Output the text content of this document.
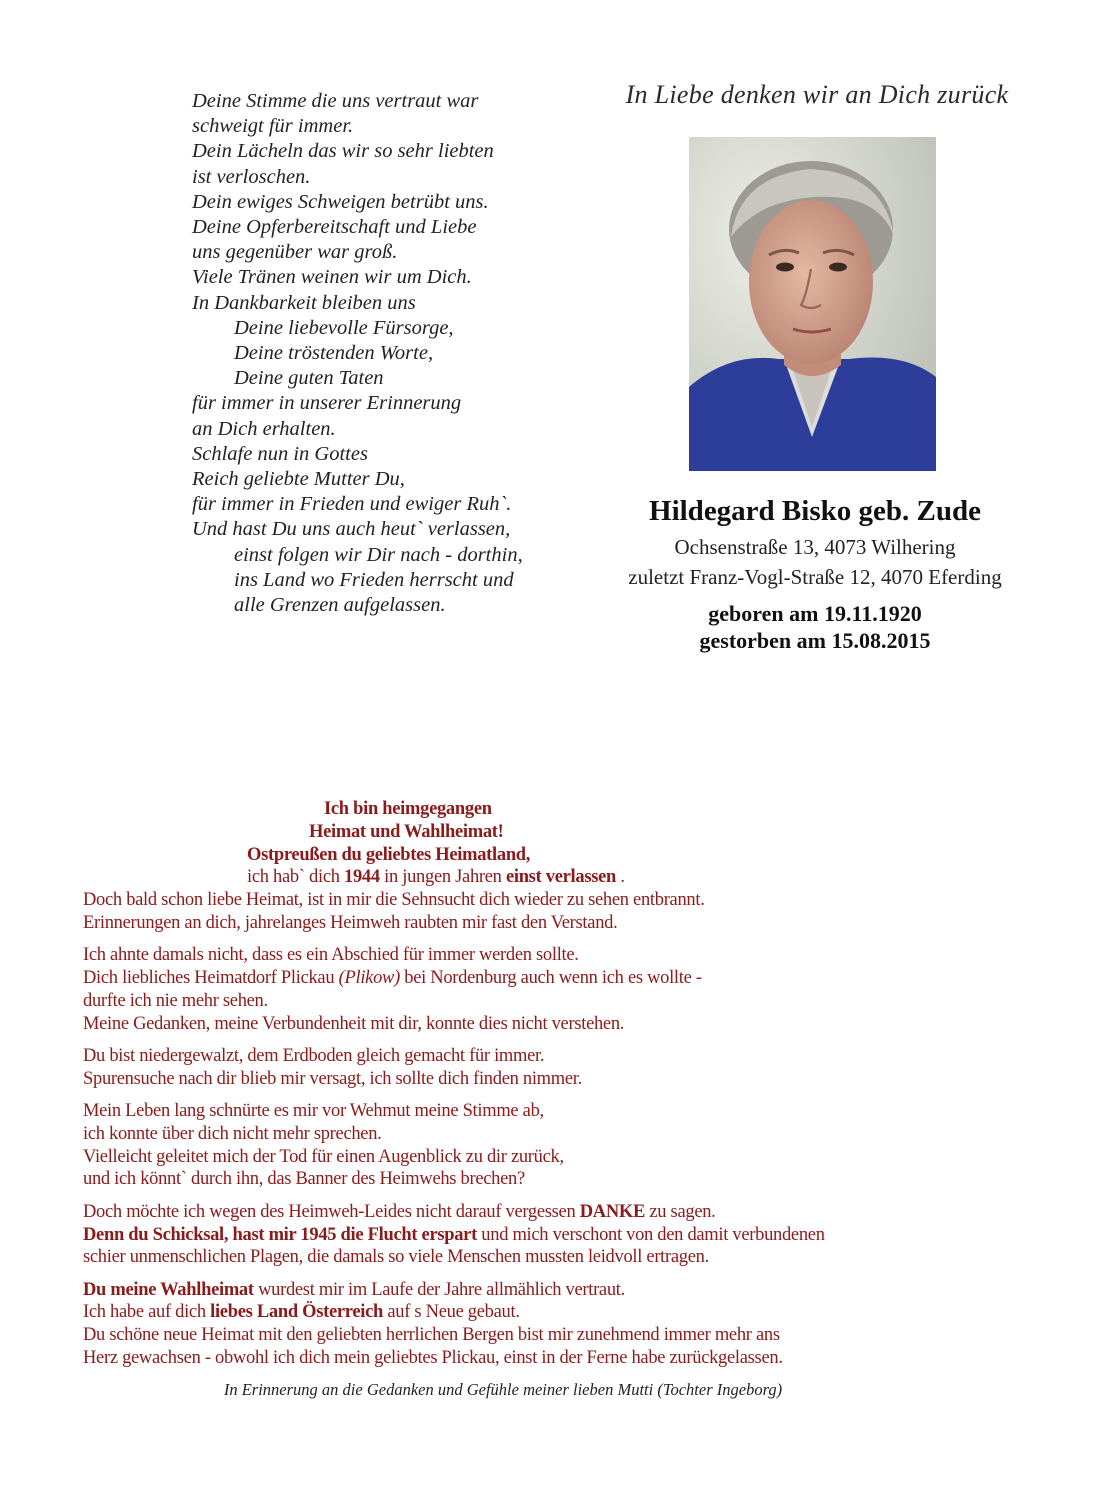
Deine Stimme die uns vertraut war
schweigt für immer.
Dein Lächeln das wir so sehr liebten
ist verloschen.
Dein ewiges Schweigen betrübt uns.
Deine Opferbereitschaft und Liebe
uns gegenüber war groß.
Viele Tränen weinen wir um Dich.
In Dankbarkeit bleiben uns
Deine liebevolle Fürsorge,
Deine tröstenden Worte,
Deine guten Taten
für immer in unserer Erinnerung
an Dich erhalten.
Schlafe nun in Gottes
Reich geliebte Mutter Du,
für immer in Frieden und ewiger Ruh`.
Und hast Du uns auch heut` verlassen,
einst folgen wir Dir nach - dorthin,
ins Land wo Frieden herrscht und
alle Grenzen aufgelassen.
In Liebe denken wir an Dich zurück
Hildegard Bisko geb. Zude
Ochsenstraße 13, 4073 Wilhering
zuletzt Franz-Vogl-Straße 12, 4070 Eferding
geboren am 19.11.1920
gestorben am 15.08.2015
Ich bin heimgegangen
Heimat und Wahlheimat!
Ostpreußen du geliebtes Heimatland,
ich hab` dich 1944 in jungen Jahren einst verlassen .
Doch bald schon liebe Heimat, ist in mir die Sehnsucht dich wieder zu sehen entbrannt.
Erinnerungen an dich, jahrelanges Heimweh raubten mir fast den Verstand.
Ich ahnte damals nicht, dass es ein Abschied für immer werden sollte.
Dich liebliches Heimatdorf Plickau (Plikow) bei Nordenburg auch wenn ich es wollte -
durfte ich nie mehr sehen.
Meine Gedanken, meine Verbundenheit mit dir, konnte dies nicht verstehen.
Du bist niedergewalzt, dem Erdboden gleich gemacht für immer.
Spurensuche nach dir blieb mir versagt, ich sollte dich finden nimmer.
Mein Leben lang schnürte es mir vor Wehmut meine Stimme ab,
ich konnte über dich nicht mehr sprechen.
Vielleicht geleitet mich der Tod für einen Augenblick zu dir zurück,
und ich könnt` durch ihn, das Banner des Heimwehs brechen?
Doch möchte ich wegen des Heimweh-Leides nicht darauf vergessen DANKE zu sagen.
Denn du Schicksal, hast mir 1945 die Flucht erspart und mich verschont von den damit verbundenen
schier unmenschlichen Plagen, die damals so viele Menschen mussten leidvoll ertragen.
Du meine Wahlheimat wurdest mir im Laufe der Jahre allmählich vertraut.
Ich habe auf dich liebes Land Österreich auf s Neue gebaut.
Du schöne neue Heimat mit den geliebten herrlichen Bergen bist mir zunehmend immer mehr ans
Herz gewachsen - obwohl ich dich mein geliebtes Plickau, einst in der Ferne habe zurückgelassen.
In Erinnerung an die Gedanken und Gefühle meiner lieben Mutti (Tochter Ingeborg)
